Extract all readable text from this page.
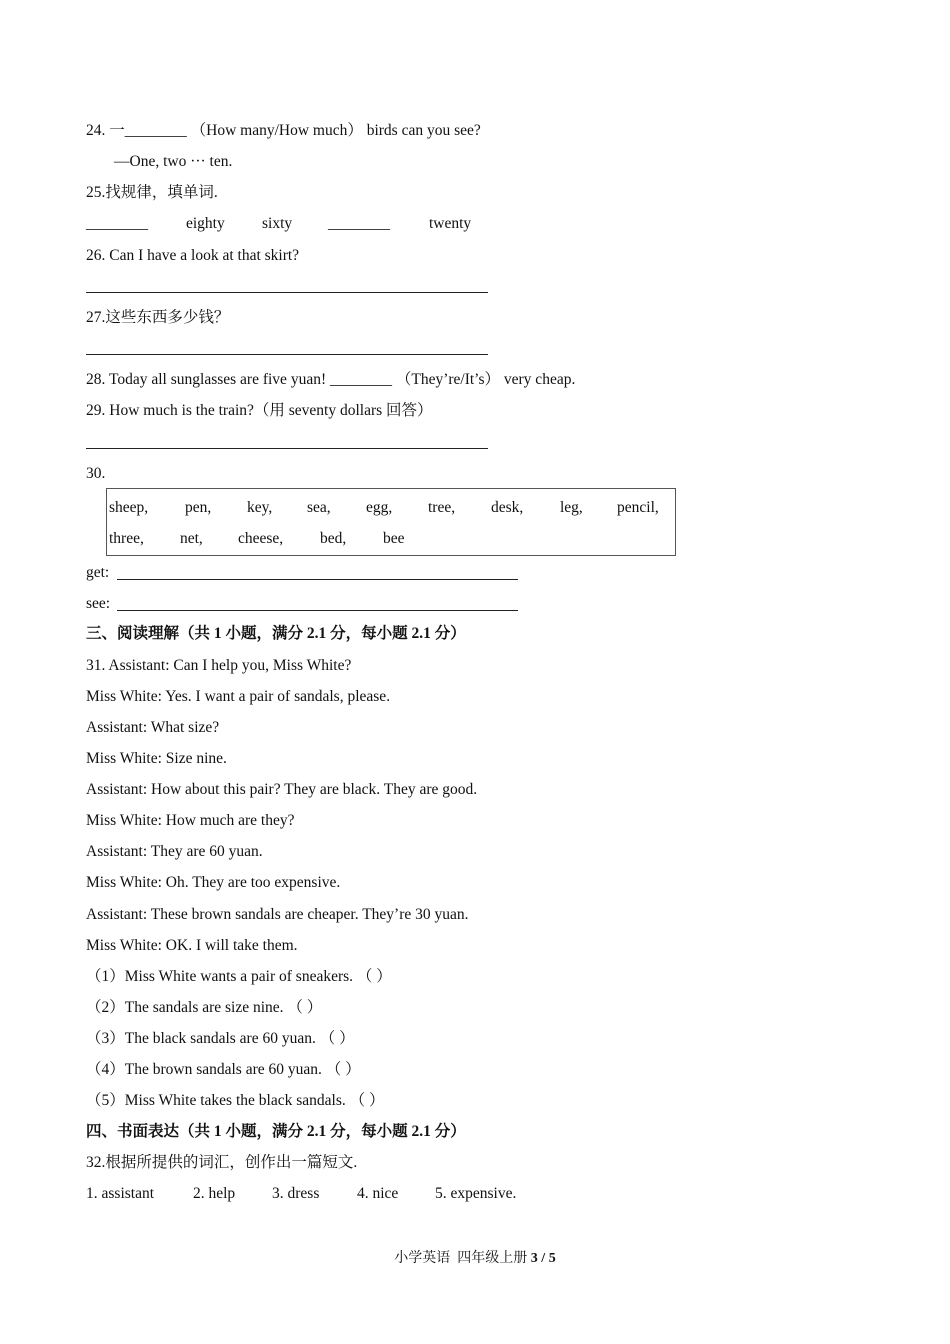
24. 一________ （How many/How much） birds can you see?
—One, two ··· ten.
25.找规律，填单词.
________ eighty sixty ________	twenty
26. Can I have a look at that skirt?
27.这些东西多少钱？
28. Today all sunglasses are five yuan! ________ （They’re/It’s） very cheap.
29. How much is the train?（用 seventy dollars 回答）
30.
sheep, pen, key, sea, egg, tree, desk, leg, pencil,
three, net, cheese, bed, bee
get:
see:
三、阅读理解（共 1 小题，满分 2.1 分，每小题 2.1 分）
31. Assistant: Can I help you, Miss White?
Miss White: Yes. I want a pair of sandals, please.
Assistant: What size?
Miss White: Size nine.
Assistant: How about this pair? They are black. They are good.
Miss White: How much are they?
Assistant: They are 60 yuan.
Miss White: Oh. They are too expensive.
Assistant: These brown sandals are cheaper. They’re 30 yuan.
Miss White: OK. I will take them.
（1）Miss White wants a pair of sneakers. （ ）
（2）The sandals are size nine. （ ）
（3）The black sandals are 60 yuan. （ ）
（4）The brown sandals are 60 yuan. （ ）
（5）Miss White takes the black sandals. （ ）
四、书面表达（共 1 小题，满分 2.1 分，每小题 2.1 分）
32.根据所提供的词汇，创作出一篇短文.
1. assistant	2. help 3. dress 4. nice 5. expensive.
小学英语  四年级上册 3 / 5
